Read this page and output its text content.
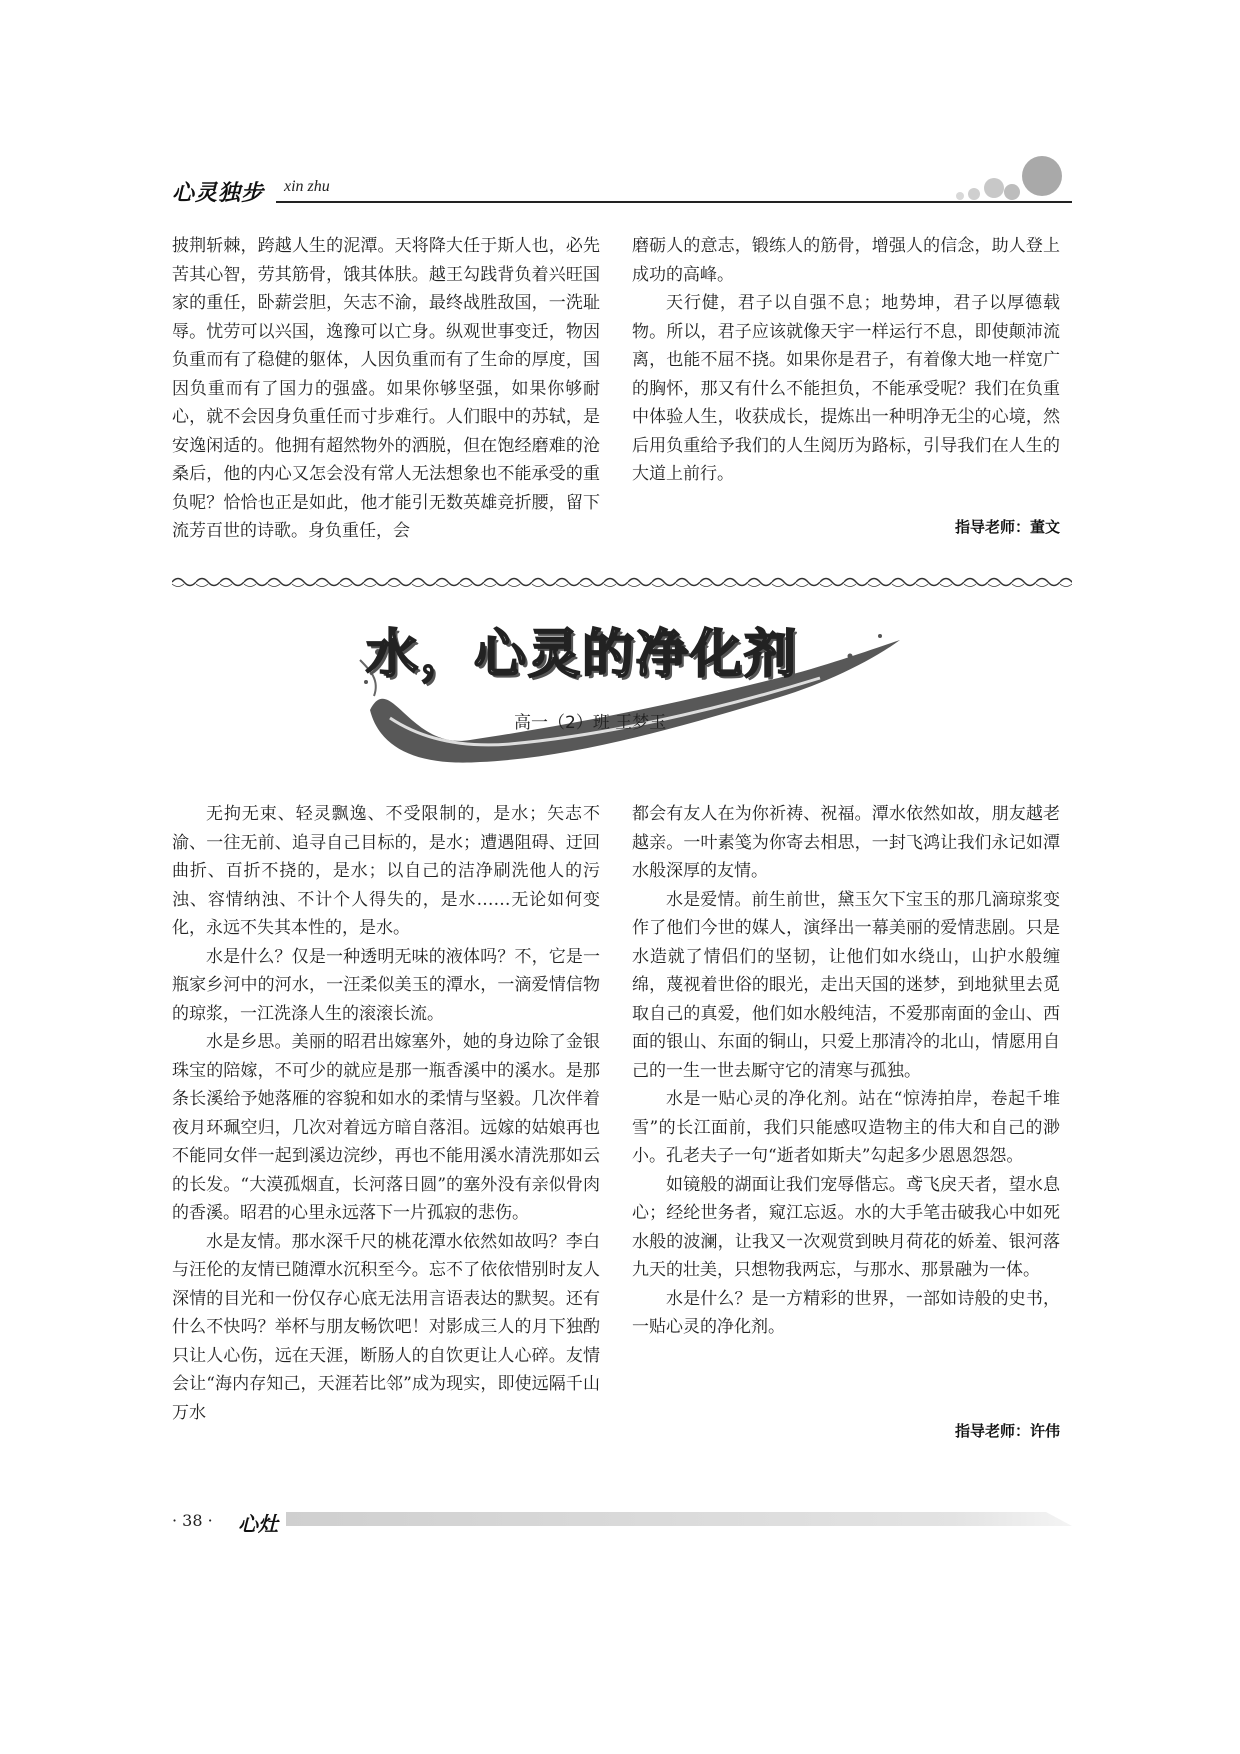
心灵独步 xin zhu

披荆斩棘，跨越人生的泥潭。天将降大任于斯人也，必先苦其心智，劳其筋骨，饿其体肤。越王勾践背负着兴旺国家的重任，卧薪尝胆，矢志不渝，最终战胜敌国，一洗耻辱。忧劳可以兴国，逸豫可以亡身。纵观世事变迁，物因负重而有了稳健的躯体，人因负重而有了生命的厚度，国因负重而有了国力的强盛。如果你够坚强，如果你够耐心，就不会因身负重任而寸步难行。人们眼中的苏轼，是安逸闲适的。他拥有超然物外的洒脱，但在饱经磨难的沧桑后，他的内心又怎会没有常人无法想象也不能承受的重负呢？恰恰也正是如此，他才能引无数英雄竞折腰，留下流芳百世的诗歌。身负重任，会

磨砺人的意志，锻练人的筋骨，增强人的信念，助人登上成功的高峰。

天行健，君子以自强不息；地势坤，君子以厚德载物。所以，君子应该就像天宇一样运行不息，即使颠沛流离，也能不屈不挠。如果你是君子，有着像大地一样宽广的胸怀，那又有什么不能担负，不能承受呢？我们在负重中体验人生，收获成长，提炼出一种明净无尘的心境，然后用负重给予我们的人生阅历为路标，引导我们在人生的大道上前行。

指导老师：董文
水，心灵的净化剂
高一（2）班 王梦玉

无拘无束、轻灵飘逸、不受限制的，是水；矢志不渝、一往无前、追寻自己目标的，是水；遭遇阻碍、迂回曲折、百折不挠的，是水；以自己的洁净刷洗他人的污浊、容情纳浊、不计个人得失的，是水……无论如何变化，永远不失其本性的，是水。

水是什么？仅是一种透明无味的液体吗？不，它是一瓶家乡河中的河水，一汪柔似美玉的潭水，一滴爱情信物的琼浆，一江洗涤人生的滚滚长流。

水是乡思。美丽的昭君出嫁塞外，她的身边除了金银珠宝的陪嫁，不可少的就应是那一瓶香溪中的溪水。是那条长溪给予她落雁的容貌和如水的柔情与坚毅。几次伴着夜月环珮空归，几次对着远方暗自落泪。远嫁的姑娘再也不能同女伴一起到溪边浣纱，再也不能用溪水清洗那如云的长发。“大漠孤烟直，长河落日圆”的塞外没有亲似骨肉的香溪。昭君的心里永远落下一片孤寂的悲伤。

水是友情。那水深千尺的桃花潭水依然如故吗？李白与汪伦的友情已随潭水沉积至今。忘不了依依惜别时友人深情的目光和一份仅存心底无法用言语表达的默契。还有什么不快吗？举杯与朋友畅饮吧！对影成三人的月下独酌只让人心伤，远在天涯，断肠人的自饮更让人心碎。友情会让“海内存知己，天涯若比邻”成为现实，即使远隔千山万水

都会有友人在为你祈祷、祝福。潭水依然如故，朋友越老越亲。一叶素笺为你寄去相思，一封飞鸿让我们永记如潭水般深厚的友情。

水是爱情。前生前世，黛玉欠下宝玉的那几滴琼浆变作了他们今世的媒人，演绎出一幕美丽的爱情悲剧。只是水造就了情侣们的坚韧，让他们如水绕山，山护水般缠绵，蔑视着世俗的眼光，走出天国的迷梦，到地狱里去觅取自己的真爱，他们如水般纯洁，不爱那南面的金山、西面的银山、东面的铜山，只爱上那清冷的北山，情愿用自己的一生一世去厮守它的清寒与孤独。

水是一贴心灵的净化剂。站在“惊涛拍岸，卷起千堆雪”的长江面前，我们只能感叹造物主的伟大和自己的渺小。孔老夫子一句“逝者如斯夫”勾起多少恩恩怨怨。

如镜般的湖面让我们宠辱偕忘。鸢飞戾天者，望水息心；经纶世务者，窥江忘返。水的大手笔击破我心中如死水般的波澜，让我又一次观赏到映月荷花的娇羞、银河落九天的壮美，只想物我两忘，与那水、那景融为一体。

水是什么？是一方精彩的世界，一部如诗般的史书，一贴心灵的净化剂。

指导老师：许伟
· 38 · 心灶
